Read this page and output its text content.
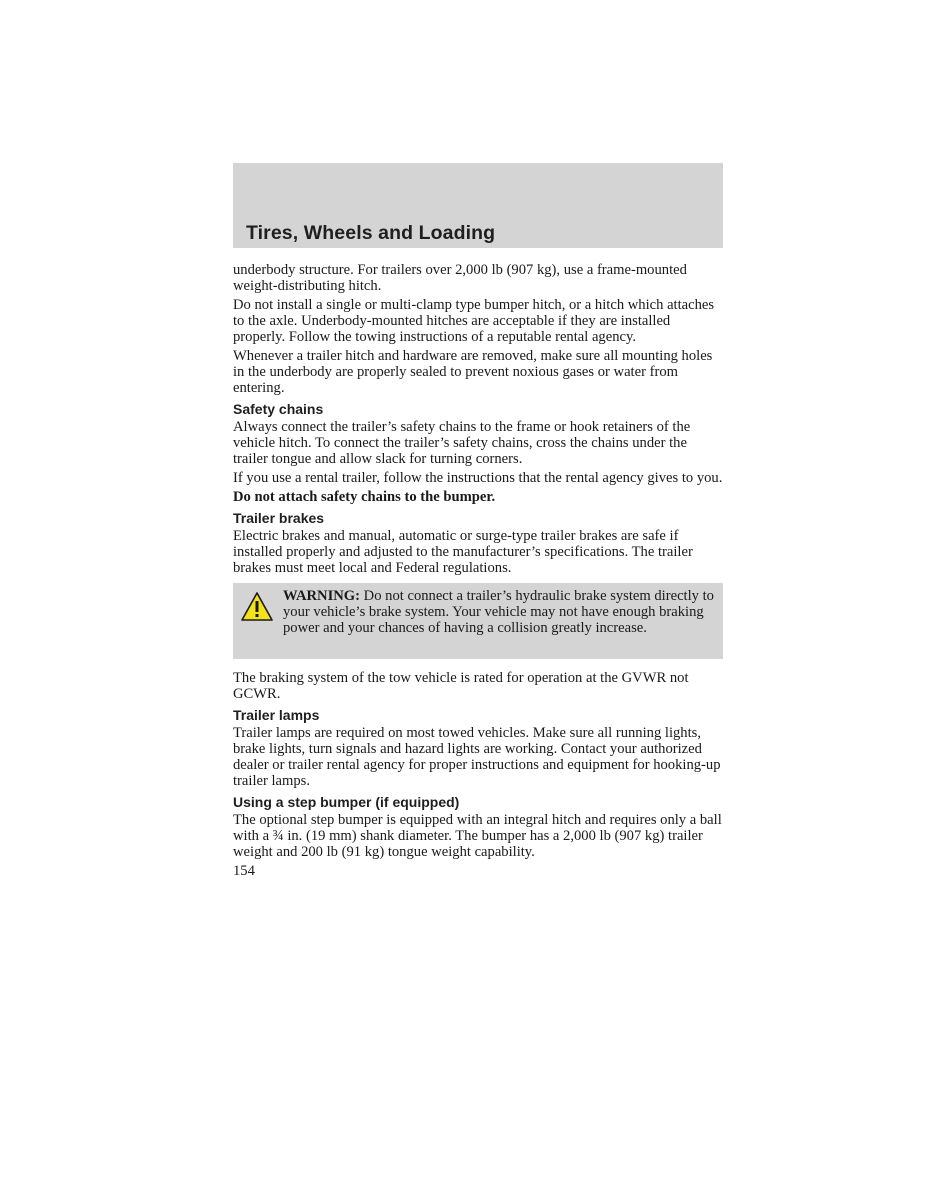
Tires, Wheels and Loading

underbody structure. For trailers over 2,000 lb (907 kg), use a frame-mounted weight-distributing hitch.

Do not install a single or multi-clamp type bumper hitch, or a hitch which attaches to the axle. Underbody-mounted hitches are acceptable if they are installed properly. Follow the towing instructions of a reputable rental agency.

Whenever a trailer hitch and hardware are removed, make sure all mounting holes in the underbody are properly sealed to prevent noxious gases or water from entering.

Safety chains

Always connect the trailer’s safety chains to the frame or hook retainers of the vehicle hitch. To connect the trailer’s safety chains, cross the chains under the trailer tongue and allow slack for turning corners.

If you use a rental trailer, follow the instructions that the rental agency gives to you.

Do not attach safety chains to the bumper.

Trailer brakes

Electric brakes and manual, automatic or surge-type trailer brakes are safe if installed properly and adjusted to the manufacturer’s specifications. The trailer brakes must meet local and Federal regulations.

WARNING: Do not connect a trailer’s hydraulic brake system directly to your vehicle’s brake system. Your vehicle may not have enough braking power and your chances of having a collision greatly increase.

The braking system of the tow vehicle is rated for operation at the GVWR not GCWR.

Trailer lamps

Trailer lamps are required on most towed vehicles. Make sure all running lights, brake lights, turn signals and hazard lights are working. Contact your authorized dealer or trailer rental agency for proper instructions and equipment for hooking-up trailer lamps.

Using a step bumper (if equipped)

The optional step bumper is equipped with an integral hitch and requires only a ball with a ¾ in. (19 mm) shank diameter. The bumper has a 2,000 lb (907 kg) trailer weight and 200 lb (91 kg) tongue weight capability.

154
